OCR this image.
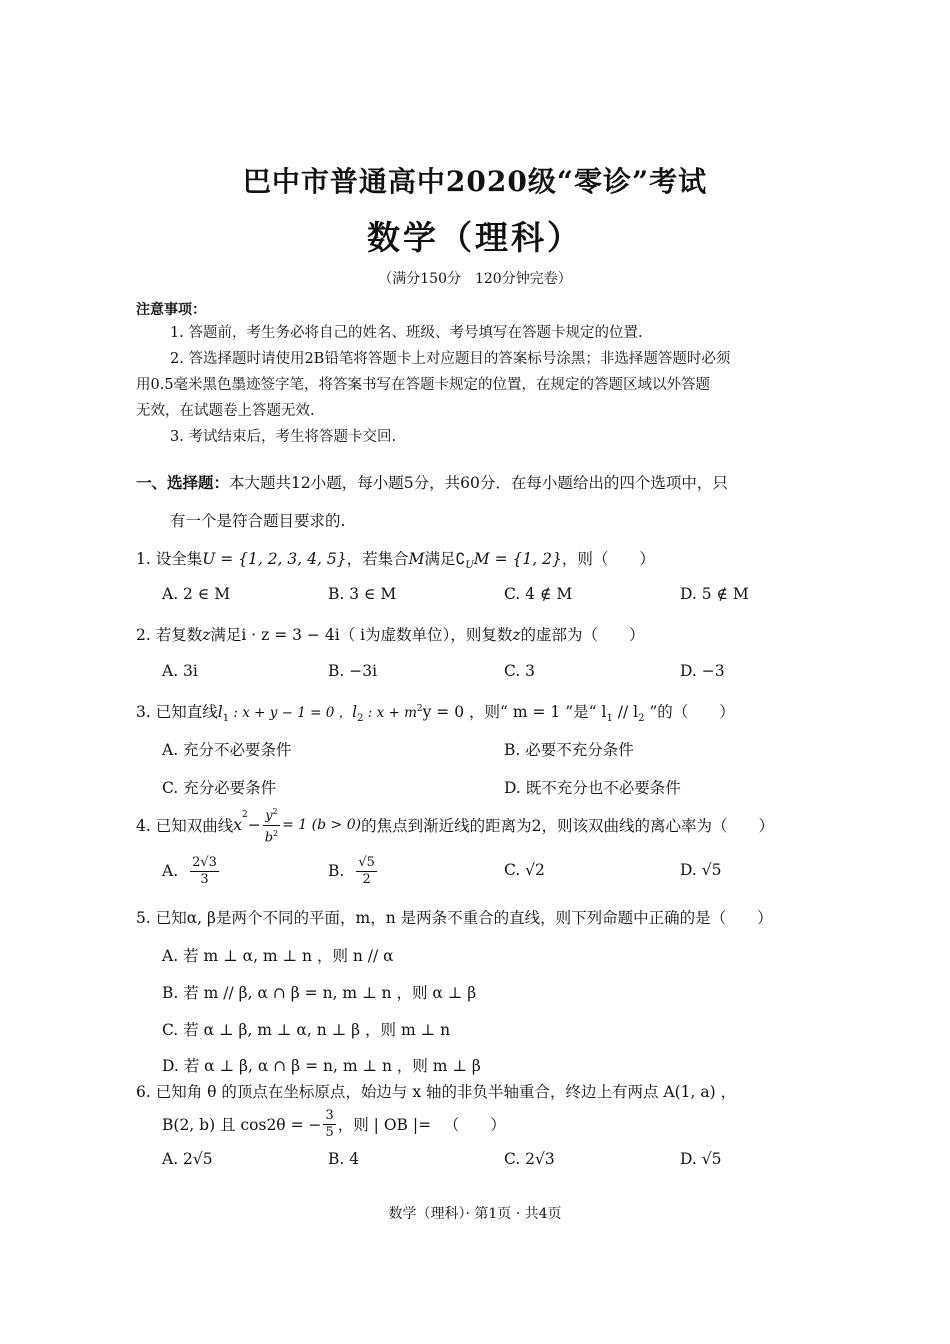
巴中市普通高中2020级“零诊”考试
数学（理科）
（满分150分　120分钟完卷）
注意事项：
1. 答题前，考生务必将自己的姓名、班级、考号填写在答题卡规定的位置.
2. 答选择题时请使用2B铅笔将答题卡上对应题目的答案标号涂黑；非选择题答题时必须
用0.5毫米黑色墨迹签字笔，将答案书写在答题卡规定的位置，在规定的答题区域以外答题
无效，在试题卷上答题无效.
3. 考试结束后，考生将答题卡交回.
一、选择题：本大题共12小题，每小题5分，共60分．在每小题给出的四个选项中，只
有一个是符合题目要求的.
1. 设全集U = {1, 2, 3, 4, 5}，若集合M满足$∁_UM = \{1$, 2}，则（　　）
A. 2 ∈ M	B. 3 ∈ M	C. 4 ∉ M	D. 5 ∉ M
2. 若复数z满足i · z = 3 − 4i（ i为虚数单位），则复数z的虚部为（　　）
A. 3i	B. −3i	C. 3	D. −3
3. 已知直线$l_1$ : x + y − 1 = 0 ，$l_2$ : $x + m^2y = 0$ ，则“ m = 1 ”是“ $l_1 // l_2$ ”的（　　）
A. 充分不必要条件	B. 必要不充分条件
C. 充分必要条件	D. 既不充分也不必要条件
4. 已知双曲线 x
$^2$
− $\frac{y^2}{b^2} = 1$ (b > 0) 的焦点到渐近线的距离为2，则该双曲线的离心率为（　　）
A. $\frac{2√3}{3}$	B. $\frac{√5}{2}$	C. √2	D. √5
5. 已知α, β是两个不同的平面，m，n 是两条不重合的直线，则下列命题中正确的是（　　）
A. 若 m ⊥ α, m ⊥ n ，则 n // α
B. 若 m // β, α ∩ β = n, m ⊥ n ，则 α ⊥ β
C. 若 α ⊥ β, m ⊥ α, n ⊥ β ，则 m ⊥ n
D. 若 α ⊥ β, α ∩ β = n, m ⊥ n ，则 m ⊥ β
6. 已知角 θ 的顶点在坐标原点，始边与 x 轴的非负半轴重合，终边上有两点 A(1, a) ，
B(2, b) 且 cos2θ = − $\frac{3}{5}$ ，则 | OB |= 　（　　）
A. 2√5	B. 4	C. 2√3	D. √5
数学（理科）· 第1页 · 共4页
